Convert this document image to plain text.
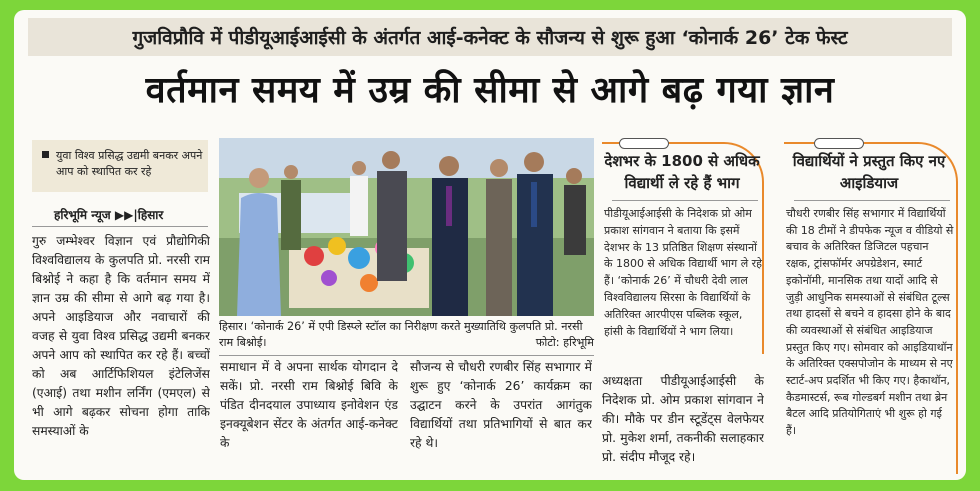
गुजविप्रौवि में पीडीयूआईआईसी के अंतर्गत आई-कनेक्ट के सौजन्य से शुरू हुआ ‘कोनार्क 26’ टेक फेस्ट
वर्तमान समय में उम्र की सीमा से आगे बढ़ गया ज्ञान
युवा विश्व प्रसिद्ध उद्यमी बनकर अपने आप को स्थापित कर रहे
हरिभूमि न्यूज ▶▶|हिसार
गुरु जम्भेश्वर विज्ञान एवं प्रौद्योगिकी विश्वविद्यालय के कुलपति प्रो. नरसी राम बिश्नोई ने कहा है कि वर्तमान समय में ज्ञान उम्र की सीमा से आगे बढ़ गया है। अपने आइडियाज और नवाचारों की वजह से युवा विश्व प्रसिद्ध उद्यमी बनकर अपने आप को स्थापित कर रहे हैं। बच्चों को अब आर्टिफिशियल इंटेलिजेंस (एआई) तथा मशीन लर्निंग (एमएल) से भी आगे बढ़कर सोचना होगा ताकि समस्याओं के
हिसार। ‘कोनार्क 26’ में एपी डिस्प्ले स्टॉल का निरीक्षण करते मुख्यातिथि कुलपति प्रो. नरसी राम बिश्नोई।	फोटो: हरिभूमि
समाधान में वे अपना सार्थक योगदान दे सकें। प्रो. नरसी राम बिश्नोई बिवि के पंडित दीनदयाल उपाध्याय इनोवेशन एंड इनक्यूबेशन सेंटर के अंतर्गत आई-कनेक्ट के
सौजन्य से चौधरी रणबीर सिंह सभागार में शुरू हुए ‘कोनार्क 26’ कार्यक्रम का उद्घाटन करने के उपरांत आगंतुक विद्यार्थियों तथा प्रतिभागियों से बात कर रहे थे।
देशभर के 1800 से अधिक विद्यार्थी ले रहे हैं भाग
पीडीयूआईआईसी के निदेशक प्रो ओम प्रकाश सांगवान ने बताया कि इसमें देशभर के 13 प्रतिष्ठित शिक्षण संस्थानों के 1800 से अधिक विद्यार्थी भाग ले रहे हैं। ‘कोनार्क 26’ में चौधरी देवी लाल विश्वविद्यालय सिरसा के विद्यार्थियों के अतिरिक्त आरपीएस पब्लिक स्कूल, हांसी के विद्यार्थियों ने भाग लिया।
अध्यक्षता पीडीयूआईआईसी के निदेशक प्रो. ओम प्रकाश सांगवान ने की। मौके पर डीन स्टूडेंट्स वेलफेयर प्रो. मुकेश शर्मा, तकनीकी सलाहकार प्रो. संदीप मौजूद रहे।
विद्यार्थियों ने प्रस्तुत किए नए आइडियाज
चौधरी रणबीर सिंह सभागार में विद्यार्थियों की 18 टीमों ने डीपफेक न्यूज व वीडियो से बचाव के अतिरिक्त डिजिटल पहचान रक्षक, ट्रांसफॉर्मर अपग्रेडेशन, स्मार्ट इकोनॉमी, मानसिक तथा यादों आदि से जुड़ी आधुनिक समस्याओं से संबंधित टूल्स तथा हादसों से बचने व हादसा होने के बाद की व्यवस्थाओं से संबंधित आइडियाज प्रस्तुत किए गए। सोमवार को आइडियाथॉन के अतिरिक्त एक्सपोजोन के माध्यम से नए स्टार्ट-अप प्रदर्शित भी किए गए। हैकाथॉन, कैडमास्टर्स, रूब गोल्डबर्ग मशीन तथा ब्रेन बैटल आदि प्रतियोगिताएं भी शुरू हो गई हैं।
